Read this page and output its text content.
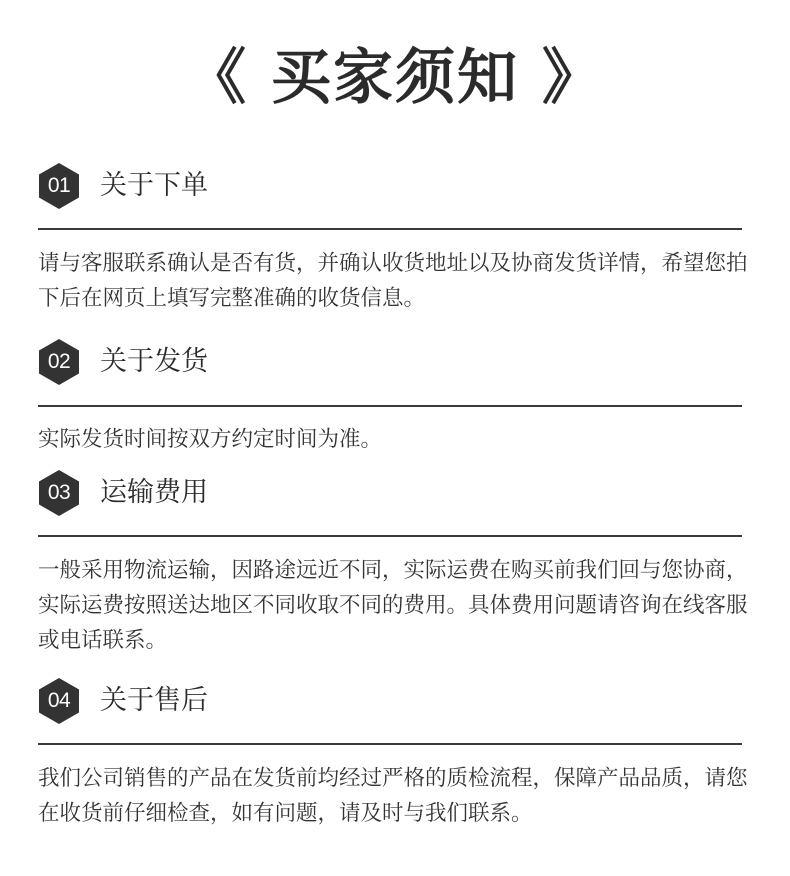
《 买家须知 》
01 关于下单

请与客服联系确认是否有货，并确认收货地址以及协商发货详情，希望您拍下后在网页上填写完整准确的收货信息。

02 关于发货

实际发货时间按双方约定时间为准。

03 运输费用

一般采用物流运输，因路途远近不同，实际运费在购买前我们回与您协商，实际运费按照送达地区不同收取不同的费用。具体费用问题请咨询在线客服或电话联系。

04 关于售后

我们公司销售的产品在发货前均经过严格的质检流程，保障产品品质，请您在收货前仔细检查，如有问题，请及时与我们联系。
